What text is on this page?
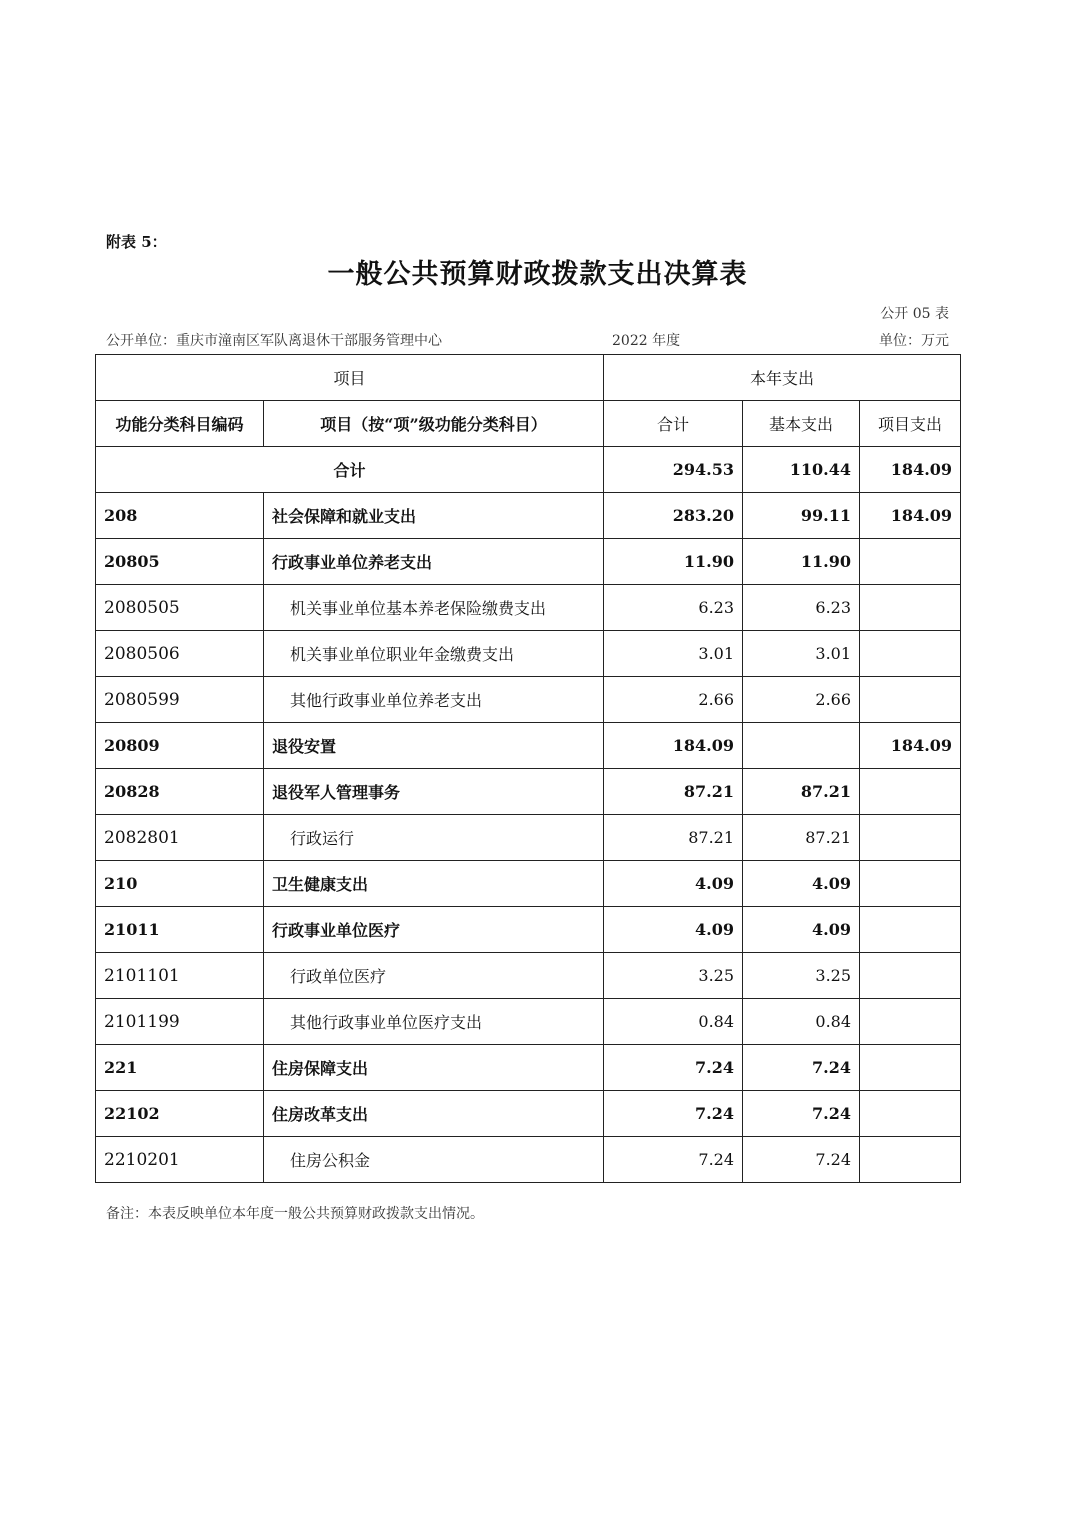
附表 5：
一般公共预算财政拨款支出决算表
公开 05 表
公开单位：重庆市潼南区军队离退休干部服务管理中心	2022 年度	单位：万元
项目		本年支出		
功能分类科目编码	项目（按“项”级功能分类科目）	合计	基本支出	项目支出
合计		294.53	110.44	184.09
208	社会保障和就业支出	283.20	99.11	184.09
20805	行政事业单位养老支出	11.90	11.90	
2080505	机关事业单位基本养老保险缴费支出	6.23	6.23	
2080506	机关事业单位职业年金缴费支出	3.01	3.01	
2080599	其他行政事业单位养老支出	2.66	2.66	
20809	退役安置	184.09		184.09
20828	退役军人管理事务	87.21	87.21	
2082801	行政运行	87.21	87.21	
210	卫生健康支出	4.09	4.09	
21011	行政事业单位医疗	4.09	4.09	
2101101	行政单位医疗	3.25	3.25	
2101199	其他行政事业单位医疗支出	0.84	0.84	
221	住房保障支出	7.24	7.24	
22102	住房改革支出	7.24	7.24	
2210201	住房公积金	7.24	7.24	
备注：本表反映单位本年度一般公共预算财政拨款支出情况。
